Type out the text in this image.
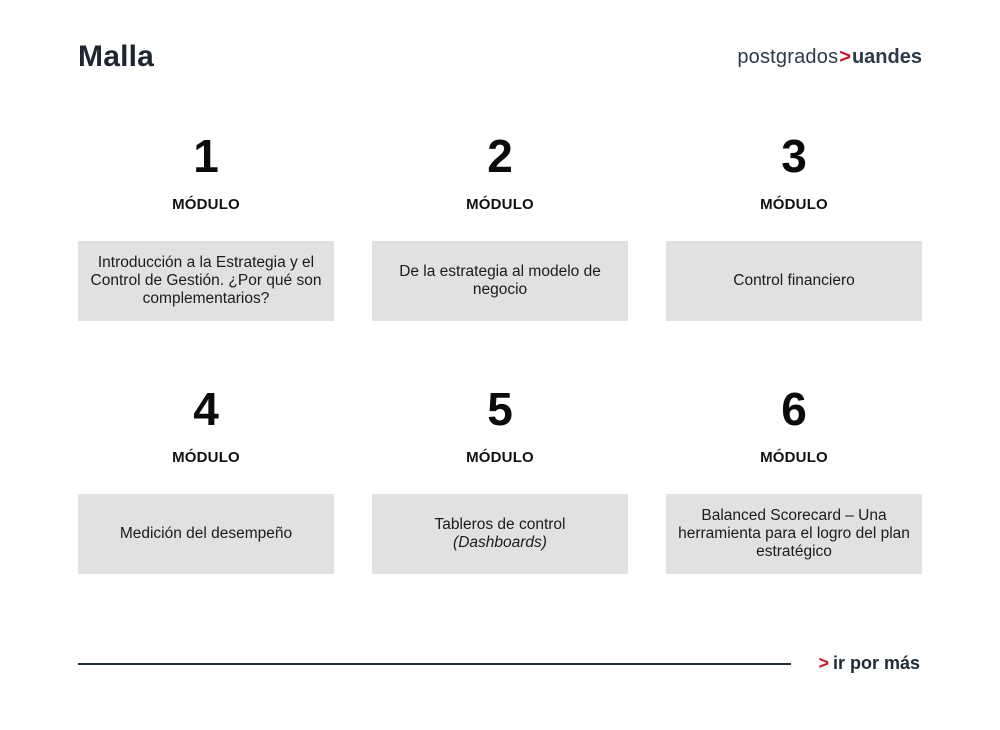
Malla	postgrados>uandes
1
MÓDULO
Introducción a la Estrategia y el Control de Gestión. ¿Por qué son complementarios?
2
MÓDULO
De la estrategia al modelo de negocio
3
MÓDULO
Control financiero
4
MÓDULO
Medición del desempeño
5
MÓDULO
Tableros de control
(Dashboards)
6
MÓDULO
Balanced Scorecard – Una herramienta para el logro del plan estratégico
> ir por más
